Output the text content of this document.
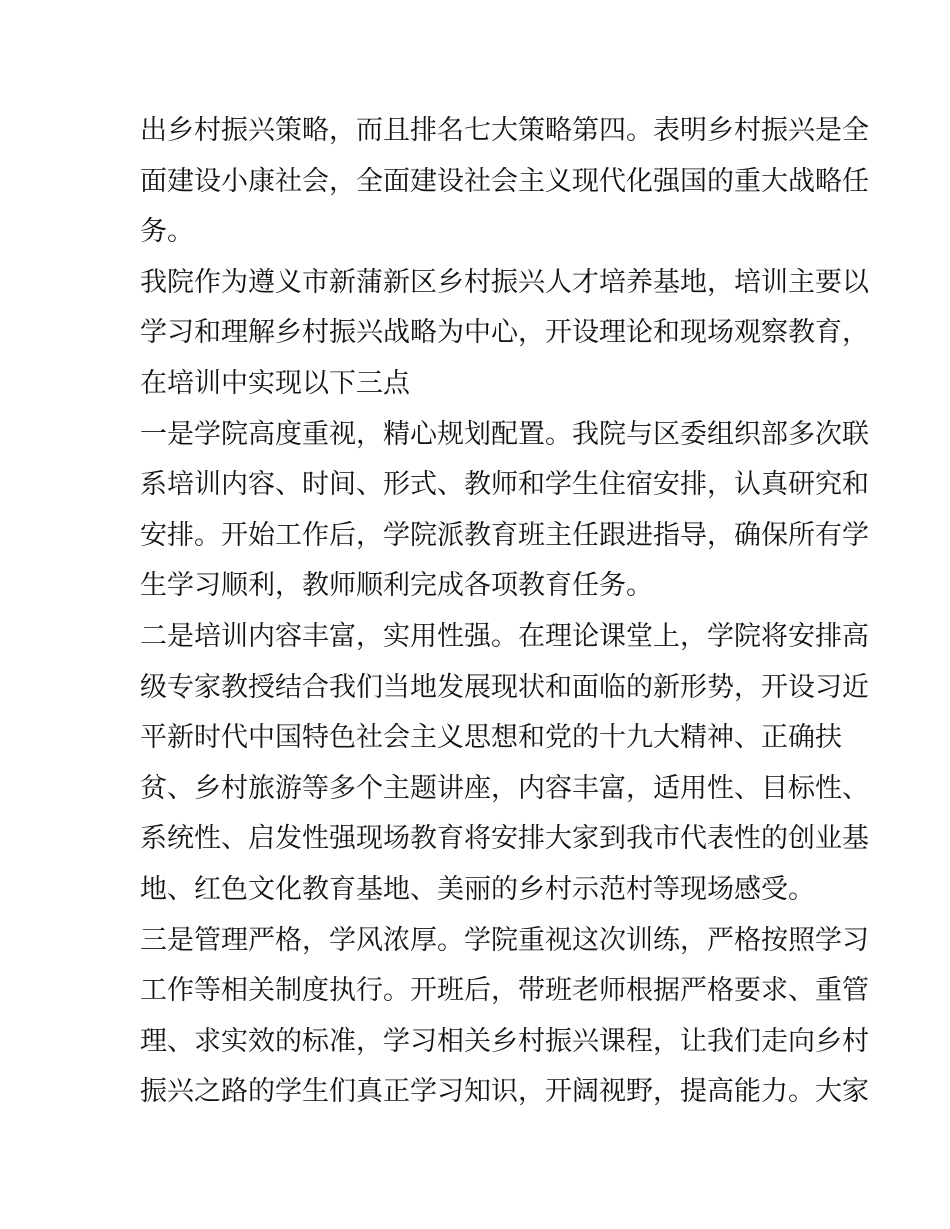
出乡村振兴策略，而且排名七大策略第四。表明乡村振兴是全
面建设小康社会，全面建设社会主义现代化强国的重大战略任
务。
我院作为遵义市新蒲新区乡村振兴人才培养基地，培训主要以
学习和理解乡村振兴战略为中心，开设理论和现场观察教育，
在培训中实现以下三点
一是学院高度重视，精心规划配置。我院与区委组织部多次联
系培训内容、时间、形式、教师和学生住宿安排，认真研究和
安排。开始工作后，学院派教育班主任跟进指导，确保所有学
生学习顺利，教师顺利完成各项教育任务。
二是培训内容丰富，实用性强。在理论课堂上，学院将安排高
级专家教授结合我们当地发展现状和面临的新形势，开设习近
平新时代中国特色社会主义思想和党的十九大精神、正确扶
贫、乡村旅游等多个主题讲座，内容丰富，适用性、目标性、
系统性、启发性强现场教育将安排大家到我市代表性的创业基
地、红色文化教育基地、美丽的乡村示范村等现场感受。
三是管理严格，学风浓厚。学院重视这次训练，严格按照学习
工作等相关制度执行。开班后，带班老师根据严格要求、重管
理、求实效的标准，学习相关乡村振兴课程，让我们走向乡村
振兴之路的学生们真正学习知识，开阔视野，提高能力。大家
